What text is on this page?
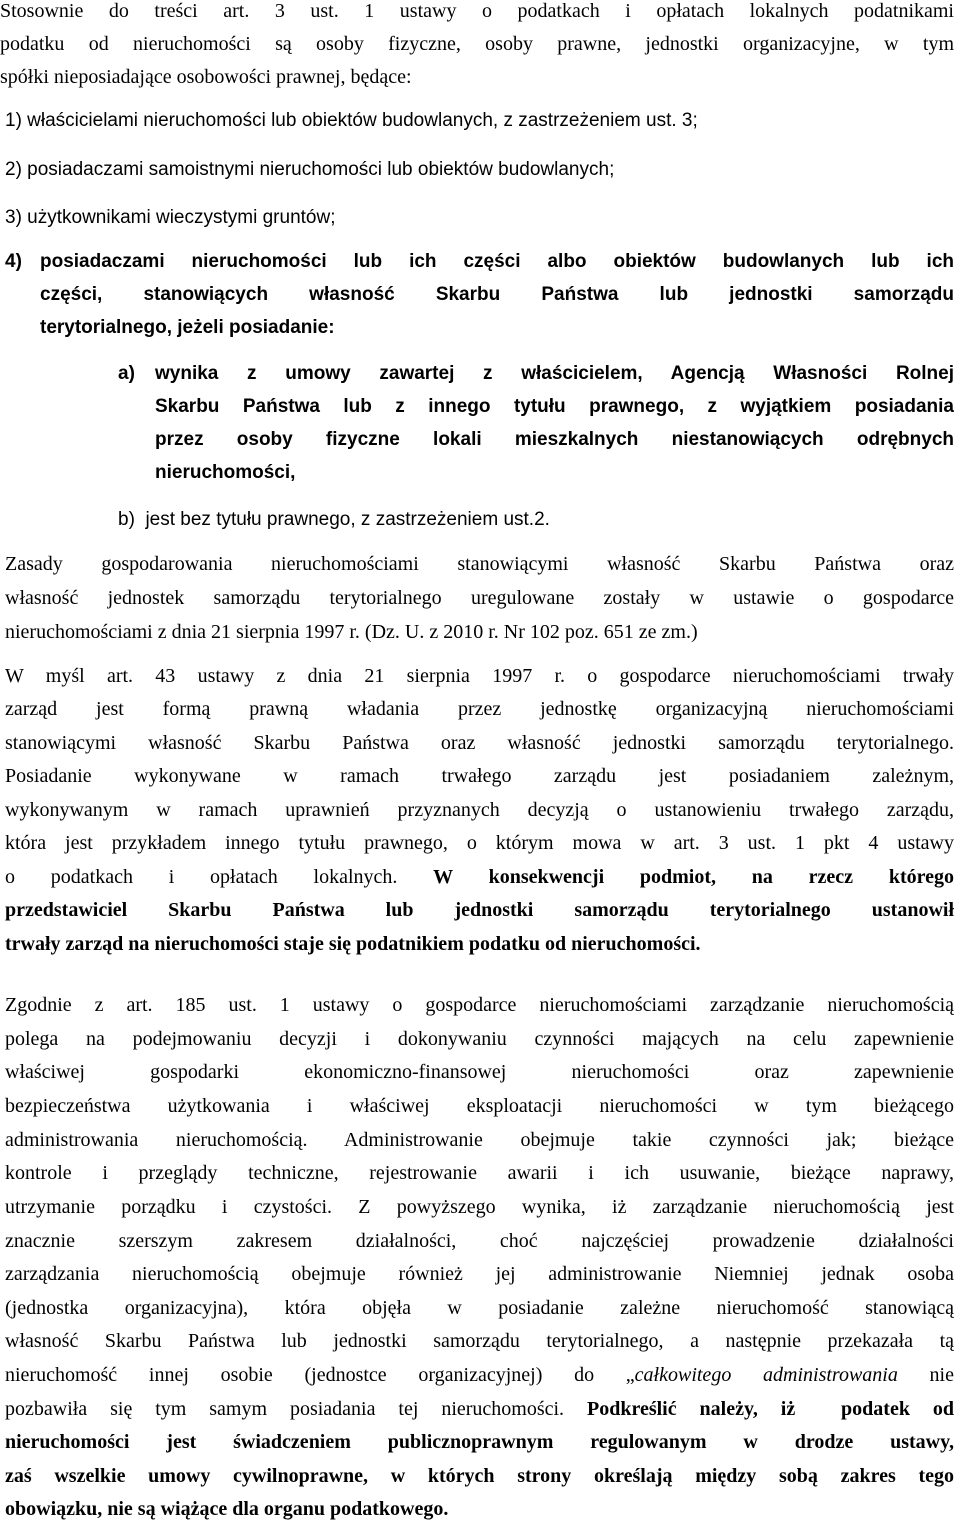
Stosownie do treści art. 3 ust. 1 ustawy o podatkach i opłatach lokalnych podatnikami
podatku od nieruchomości są osoby fizyczne, osoby prawne, jednostki organizacyjne, w tym
spółki nieposiadające osobowości prawnej, będące:
1) właścicielami nieruchomości lub obiektów budowlanych, z zastrzeżeniem ust. 3;
2) posiadaczami samoistnymi nieruchomości lub obiektów budowlanych;
3) użytkownikami wieczystymi gruntów;
4) posiadaczami nieruchomości lub ich części albo obiektów budowlanych lub ich
części, stanowiących własność Skarbu Państwa lub jednostki samorządu
terytorialnego, jeżeli posiadanie:
a)	wynika z umowy zawartej z właścicielem, Agencją Własności Rolnej
Skarbu Państwa lub z innego tytułu prawnego, z wyjątkiem posiadania
przez osoby fizyczne lokali mieszkalnych niestanowiących odrębnych
nieruchomości,
b)  jest bez tytułu prawnego, z zastrzeżeniem ust.2.
Zasady gospodarowania nieruchomościami stanowiącymi własność Skarbu Państwa oraz
własność jednostek samorządu terytorialnego uregulowane zostały w ustawie o gospodarce
nieruchomościami z dnia 21 sierpnia 1997 r. (Dz. U. z 2010 r. Nr 102 poz. 651 ze zm.)
W myśl art. 43 ustawy z dnia 21 sierpnia 1997 r. o gospodarce nieruchomościami trwały
zarząd jest formą prawną władania przez jednostkę organizacyjną nieruchomościami
stanowiącymi własność Skarbu Państwa oraz własność jednostki samorządu terytorialnego.
Posiadanie wykonywane w ramach trwałego zarządu jest posiadaniem zależnym,
wykonywanym w ramach uprawnień przyznanych decyzją o ustanowieniu trwałego zarządu,
która jest przykładem innego tytułu prawnego, o którym mowa w art. 3 ust. 1 pkt 4 ustawy
o podatkach i opłatach lokalnych. W konsekwencji podmiot, na rzecz którego
przedstawiciel Skarbu Państwa lub jednostki samorządu terytorialnego ustanowił
trwały zarząd na nieruchomości staje się podatnikiem podatku od nieruchomości.
Zgodnie z art. 185 ust. 1 ustawy o gospodarce nieruchomościami zarządzanie nieruchomością
polega na podejmowaniu decyzji i dokonywaniu czynności mających na celu zapewnienie
właściwej gospodarki ekonomiczno-finansowej nieruchomości oraz zapewnienie
bezpieczeństwa użytkowania i właściwej eksploatacji nieruchomości w tym bieżącego
administrowania nieruchomością. Administrowanie obejmuje takie czynności jak; bieżące
kontrole i przeglądy techniczne, rejestrowanie awarii i ich usuwanie, bieżące naprawy,
utrzymanie porządku i czystości. Z powyższego wynika, iż zarządzanie nieruchomością jest
znacznie szerszym zakresem działalności, choć najczęściej prowadzenie działalności
zarządzania nieruchomością obejmuje również jej administrowanie Niemniej jednak osoba
(jednostka organizacyjna), która objęła w posiadanie zależne nieruchomość stanowiącą
własność Skarbu Państwa lub jednostki samorządu terytorialnego, a następnie przekazała tą
nieruchomość innej osobie (jednostce organizacyjnej) do „całkowitego administrowania nie
pozbawiła się tym samym posiadania tej nieruchomości. Podkreślić należy, iż  podatek od
nieruchomości jest świadczeniem publicznoprawnym regulowanym w drodze ustawy,
zaś wszelkie umowy cywilnoprawne, w których strony określają między sobą zakres tego
obowiązku, nie są wiążące dla organu podatkowego.
